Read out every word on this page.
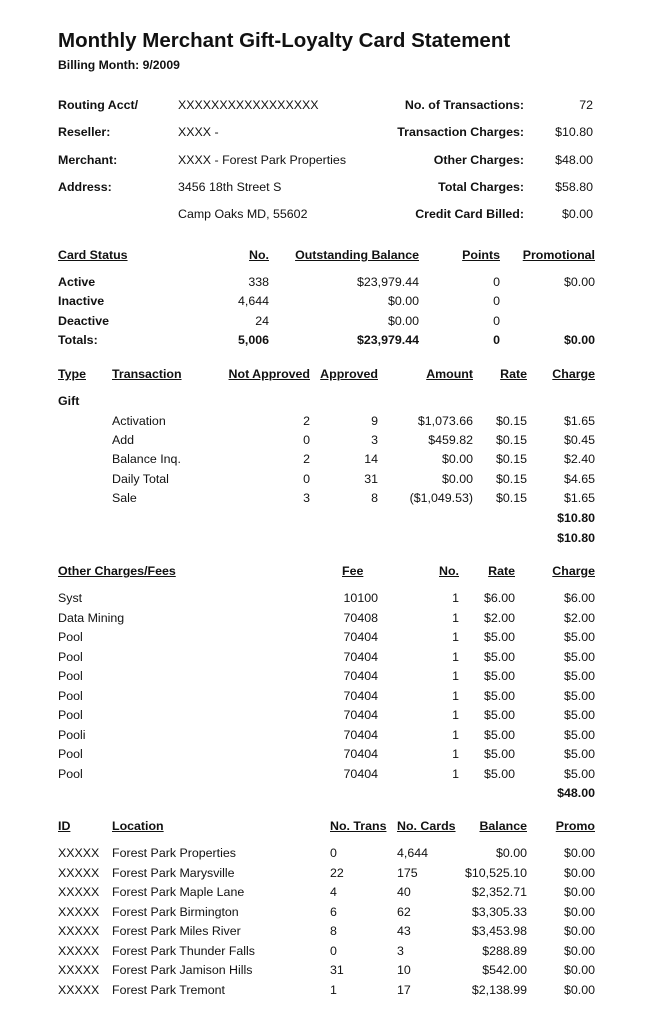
Monthly Merchant Gift-Loyalty Card Statement
Billing Month: 9/2009
Routing Acct/	XXXXXXXXXXXXXXXXX
Reseller:	XXXX -
Merchant:	XXXX - Forest Park Properties
Address:	3456 18th Street S
Camp Oaks MD, 55602
No. of Transactions:	72
Transaction Charges:	$10.80
Other Charges:	$48.00
Total Charges:	$58.80
Credit Card Billed:	$0.00
Card Status	No. Outstanding Balance	Points Promotional
Active	338	$23,979.44	0	$0.00
Inactive	4,644	$0.00	0
Deactive	24	$0.00	0
Totals:	5,006	$23,979.44	0	$0.00
Type Transaction	Not Approved Approved	Amount Rate Charge
Gift
Activation	2	9	$1,073.66 $0.15	$1.65
Add	0	3	$459.82 $0.15	$0.45
Balance Inq.	2	14	$0.00 $0.15	$2.40
Daily Total	0	31	$0.00 $0.15	$4.65
Sale	3	8	($1,049.53) $0.15	$1.65
$10.80
$10.80
Other Charges/Fees	Fee	No. Rate	Charge
Syst	10100	1 $6.00	$6.00
Data Mining	70408	1 $2.00	$2.00
Pool	70404	1 $5.00	$5.00
Pool	70404	1 $5.00	$5.00
Pool	70404	1 $5.00	$5.00
Pool	70404	1 $5.00	$5.00
Pool	70404	1 $5.00	$5.00
Pooli	70404	1 $5.00	$5.00
Pool	70404	1 $5.00	$5.00
Pool	70404	1 $5.00	$5.00
$48.00
ID	Location	No. Trans No. Cards Balance Promo
XXXXX Forest Park Properties	0	4,644	$0.00	$0.00
XXXXX Forest Park Marysville	22	175	$10,525.10	$0.00
XXXXX Forest Park Maple Lane	4	40	$2,352.71	$0.00
XXXXX Forest Park Birmington	6	62	$3,305.33	$0.00
XXXXX Forest Park Miles River	8	43	$3,453.98	$0.00
XXXXX Forest Park Thunder Falls	0	3	$288.89	$0.00
XXXXX Forest Park Jamison Hills	31	10	$542.00	$0.00
XXXXX Forest Park Tremont	1	17	$2,138.99	$0.00
